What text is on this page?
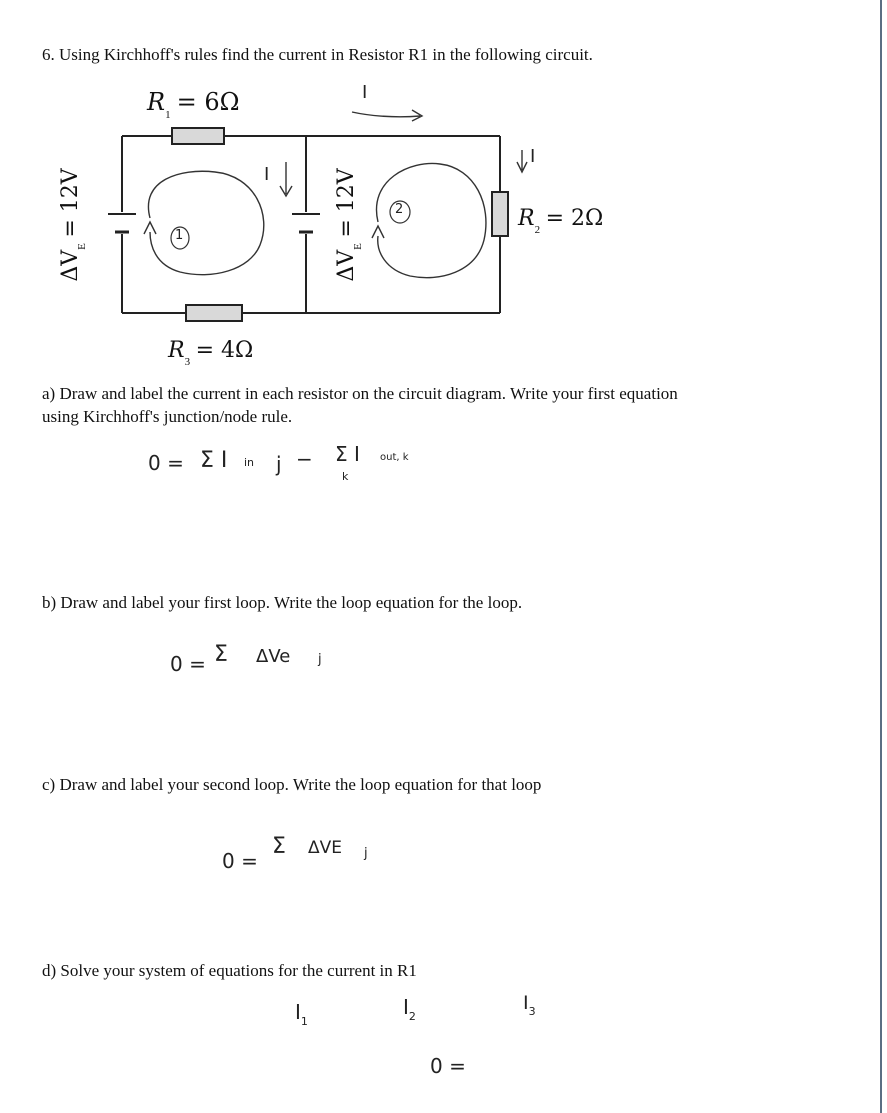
6. Using Kirchhoff's rules find the current in Resistor R1 in the following circuit.
$R_1 = 6\Omega$
$R_2 = 2\Omega$
$R_3 = 4\Omega$
$\Delta V_E = 12V$
$\Delta V_E = 12V$
I
I
I
1
2
a) Draw and label the current in each resistor on the circuit diagram. Write your first equation
using Kirchhoff's junction/node rule.
0 = Σ I in j − Σ I out, k
k
b) Draw and label your first loop. Write the loop equation for the loop.
0 = Σ ΔVe j
c) Draw and label your second loop. Write the loop equation for that loop
0 =
Σ ΔVE j
d) Solve your system of equations for the current in R1
$I_1$
$I_2$
$I_3$
0 =
